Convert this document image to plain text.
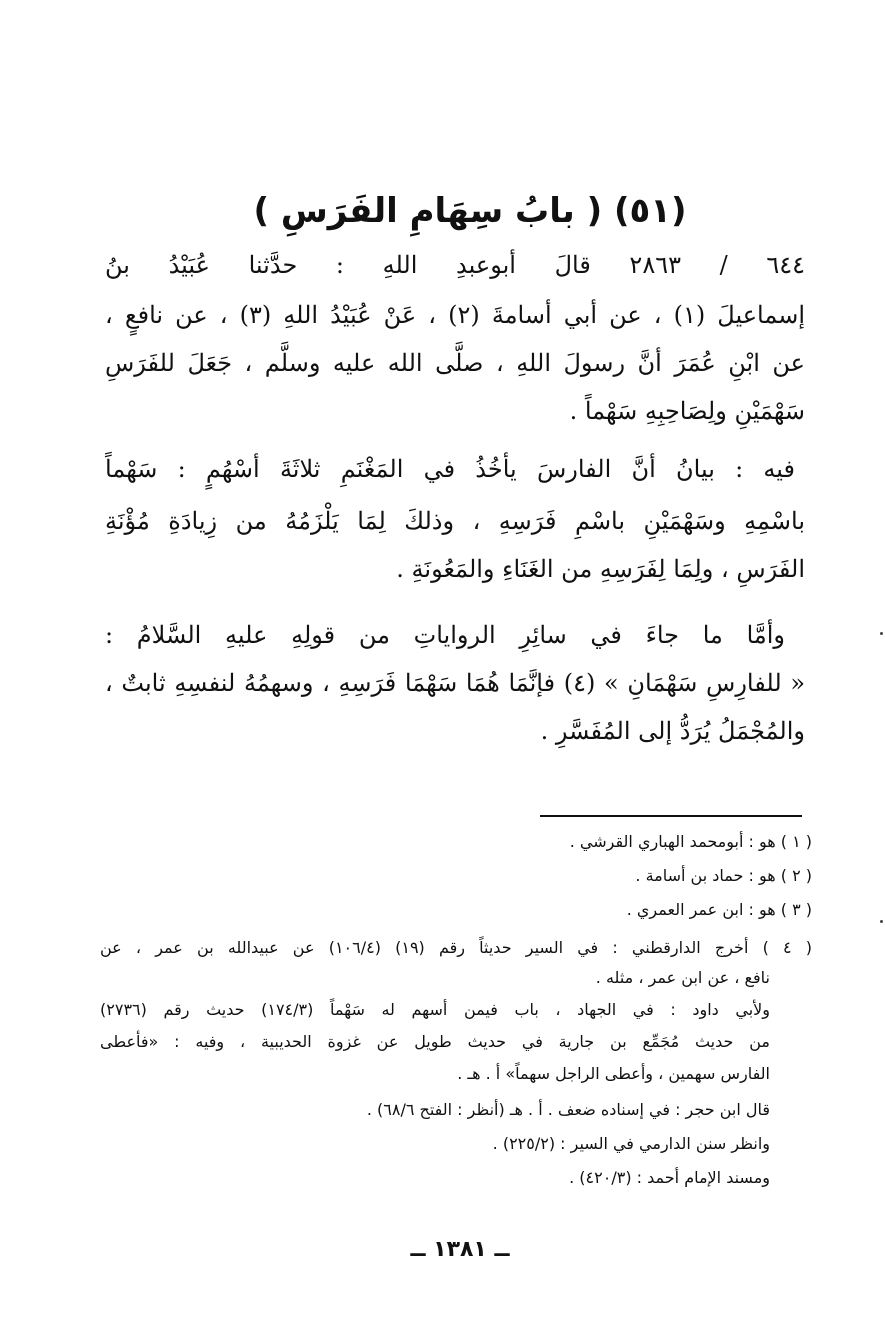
(٥١) ( بابُ سِهَامِ الفَرَسِ )
٦٤٤ / ٢٨٦٣ قالَ أبوعبدِ اللهِ : حدَّثنا عُبَيْدُ بنُ
إسماعيلَ (١) ، عن أبي أسامةَ (٢) ، عَنْ عُبَيْدُ اللهِ (٣) ، عن نافعٍ ،
عن ابْنِ عُمَرَ أنَّ رسولَ اللهِ ، صلَّى الله عليه وسلَّم ، جَعَلَ للفَرَسِ
سَهْمَيْنِ ولِصَاحِبِهِ سَهْماً .
فيه : بيانُ أنَّ الفارسَ يأخُذُ في المَغْنَمِ ثلاثَةَ أسْهُمٍ : سَهْماً
باسْمِهِ وسَهْمَيْنِ باسْمِ فَرَسِهِ ، وذلكَ لِمَا يَلْزَمُهُ من زِيادَةِ مُؤْنَةِ
الفَرَسِ ، ولِمَا لِفَرَسِهِ من الغَنَاءِ والمَعُونَةِ .
وأمَّا ما جاءَ في سائِرِ الرواياتِ من قولِهِ عليهِ السَّلامُ :
« للفارِسِ سَهْمَانِ » (٤) فإنَّمَا هُمَا سَهْمَا فَرَسِهِ ، وسهمُهُ لنفسِهِ ثابتٌ ،
والمُجْمَلُ يُرَدُّ إلى المُفَسَّرِ .
( ١ ) هو : أبومحمد الهباري القرشي .
( ٢ ) هو : حماد بن أسامة .
( ٣ ) هو : ابن عمر العمري .
( ٤ ) أخرج الدارقطني : في السير حديثاً رقم (١٩) (١٠٦/٤) عن عبيدالله بن عمر ، عن
نافع ، عن ابن عمر ، مثله .
ولأبي داود : في الجهاد ، باب فيمن أسهم له سَهْماً (١٧٤/٣) حديث رقم (٢٧٣٦)
من حديث مُجَمِّع بن جارية في حديث طويل عن غزوة الحديبية ، وفيه : «فأعطى
الفارس سهمين ، وأعطى الراجل سهماً» أ . هـ .
قال ابن حجر : في إسناده ضعف . أ . هـ (أنظر : الفتح ٦٨/٦) .
وانظر سنن الدارمي في السير : (٢٢٥/٢) .
ومسند الإمام أحمد : (٤٢٠/٣) .
ــ ١٣٨١ ــ
